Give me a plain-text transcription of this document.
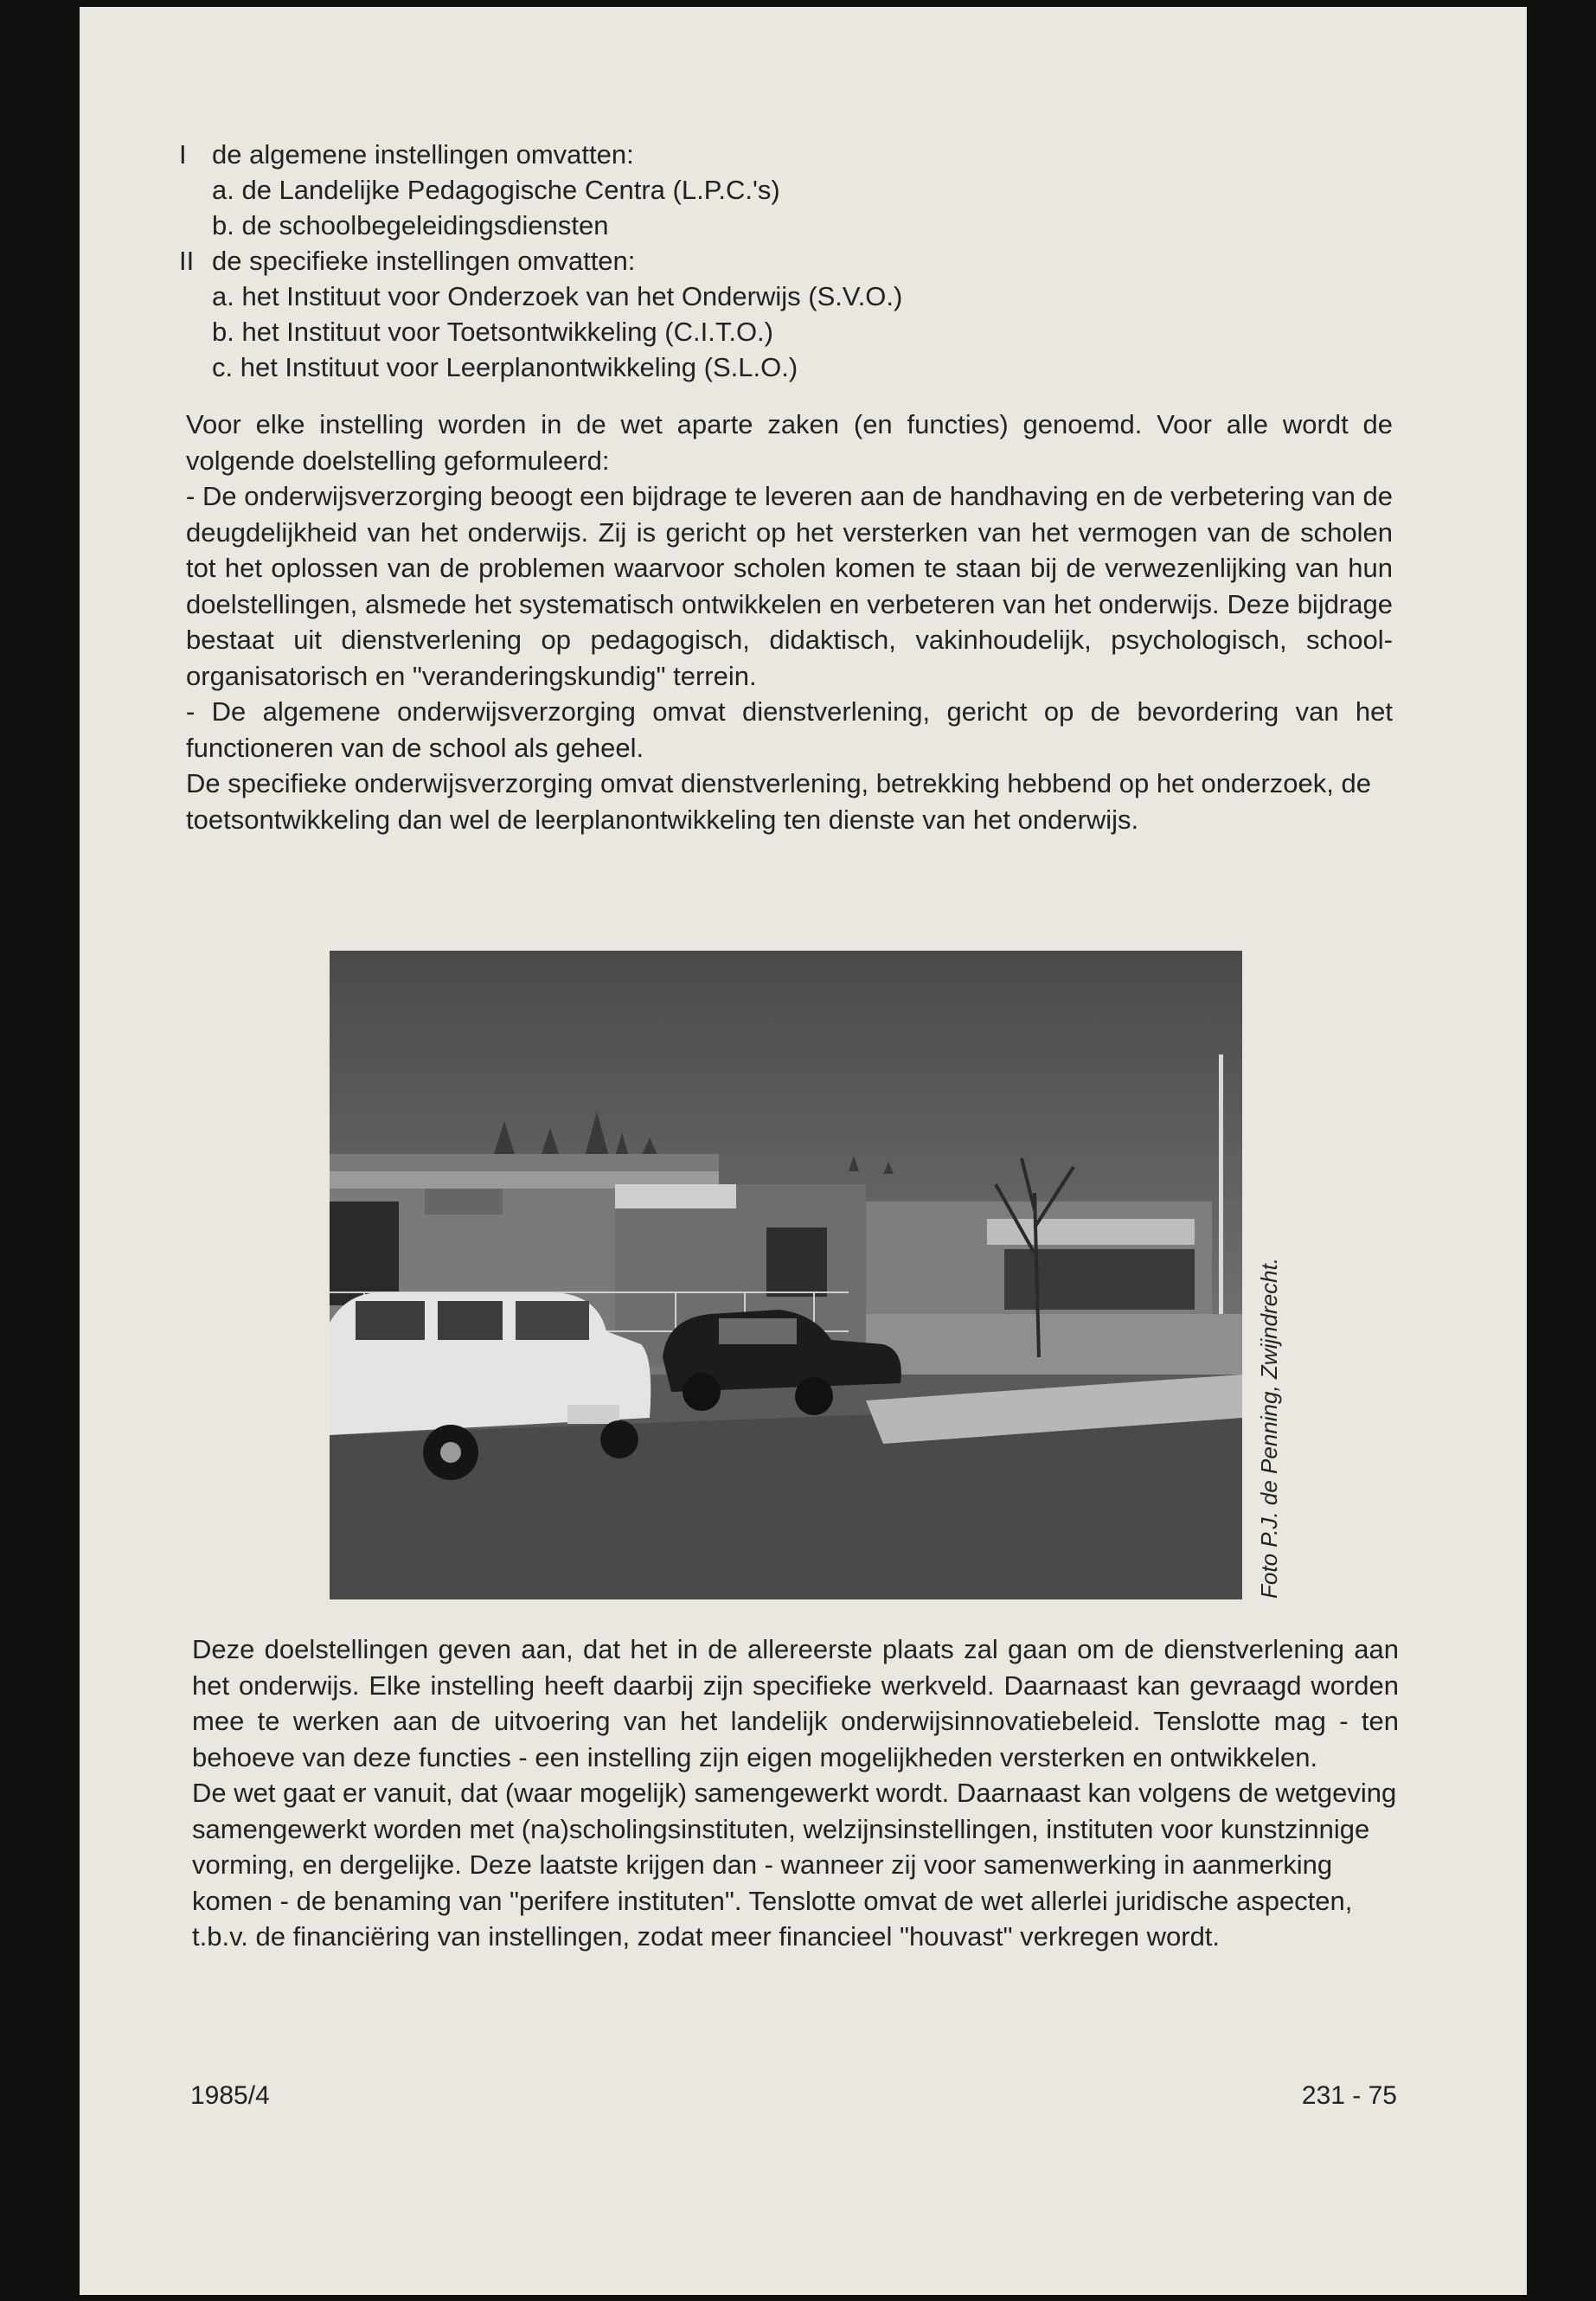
I de algemene instellingen omvatten:
a. de Landelijke Pedagogische Centra (L.P.C.'s)
b. de schoolbegeleidingsdiensten
II de specifieke instellingen omvatten:
a. het Instituut voor Onderzoek van het Onderwijs (S.V.O.)
b. het Instituut voor Toetsontwikkeling (C.I.T.O.)
c. het Instituut voor Leerplanontwikkeling (S.L.O.)

Voor elke instelling worden in de wet aparte zaken (en functies) genoemd. Voor alle wordt de volgende doelstelling geformuleerd:

- De onderwijsverzorging beoogt een bijdrage te leveren aan de handhaving en de verbetering van de deugdelijkheid van het onderwijs. Zij is gericht op het versterken van het vermogen van de scholen tot het oplossen van de problemen waarvoor scholen komen te staan bij de verwezenlijking van hun doelstellingen, alsmede het systematisch ontwikkelen en verbeteren van het onderwijs. Deze bijdrage bestaat uit dienstverlening op pedagogisch, didaktisch, vakinhoudelijk, psychologisch, school-organisatorisch en "veranderingskundig" terrein.

- De algemene onderwijsverzorging omvat dienstverlening, gericht op de bevordering van het functioneren van de school als geheel.

De specifieke onderwijsverzorging omvat dienstverlening, betrekking hebbend op het onderzoek, de toetsontwikkeling dan wel de leerplanontwikkeling ten dienste van het onderwijs.

Foto P.J. de Penning, Zwijndrecht.

Deze doelstellingen geven aan, dat het in de allereerste plaats zal gaan om de dienstverlening aan het onderwijs. Elke instelling heeft daarbij zijn specifieke werkveld. Daarnaast kan gevraagd worden mee te werken aan de uitvoering van het landelijk onderwijsinnovatiebeleid. Tenslotte mag - ten behoeve van deze functies - een instelling zijn eigen mogelijkheden versterken en ontwikkelen.

De wet gaat er vanuit, dat (waar mogelijk) samengewerkt wordt. Daarnaast kan volgens de wetgeving samengewerkt worden met (na)scholingsinstituten, welzijnsinstellingen, instituten voor kunstzinnige vorming, en dergelijke. Deze laatste krijgen dan - wanneer zij voor samenwerking in aanmerking komen - de benaming van "perifere instituten". Tenslotte omvat de wet allerlei juridische aspecten, t.b.v. de financiëring van instellingen, zodat meer financieel "houvast" verkregen wordt.

1985/4	231 - 75
